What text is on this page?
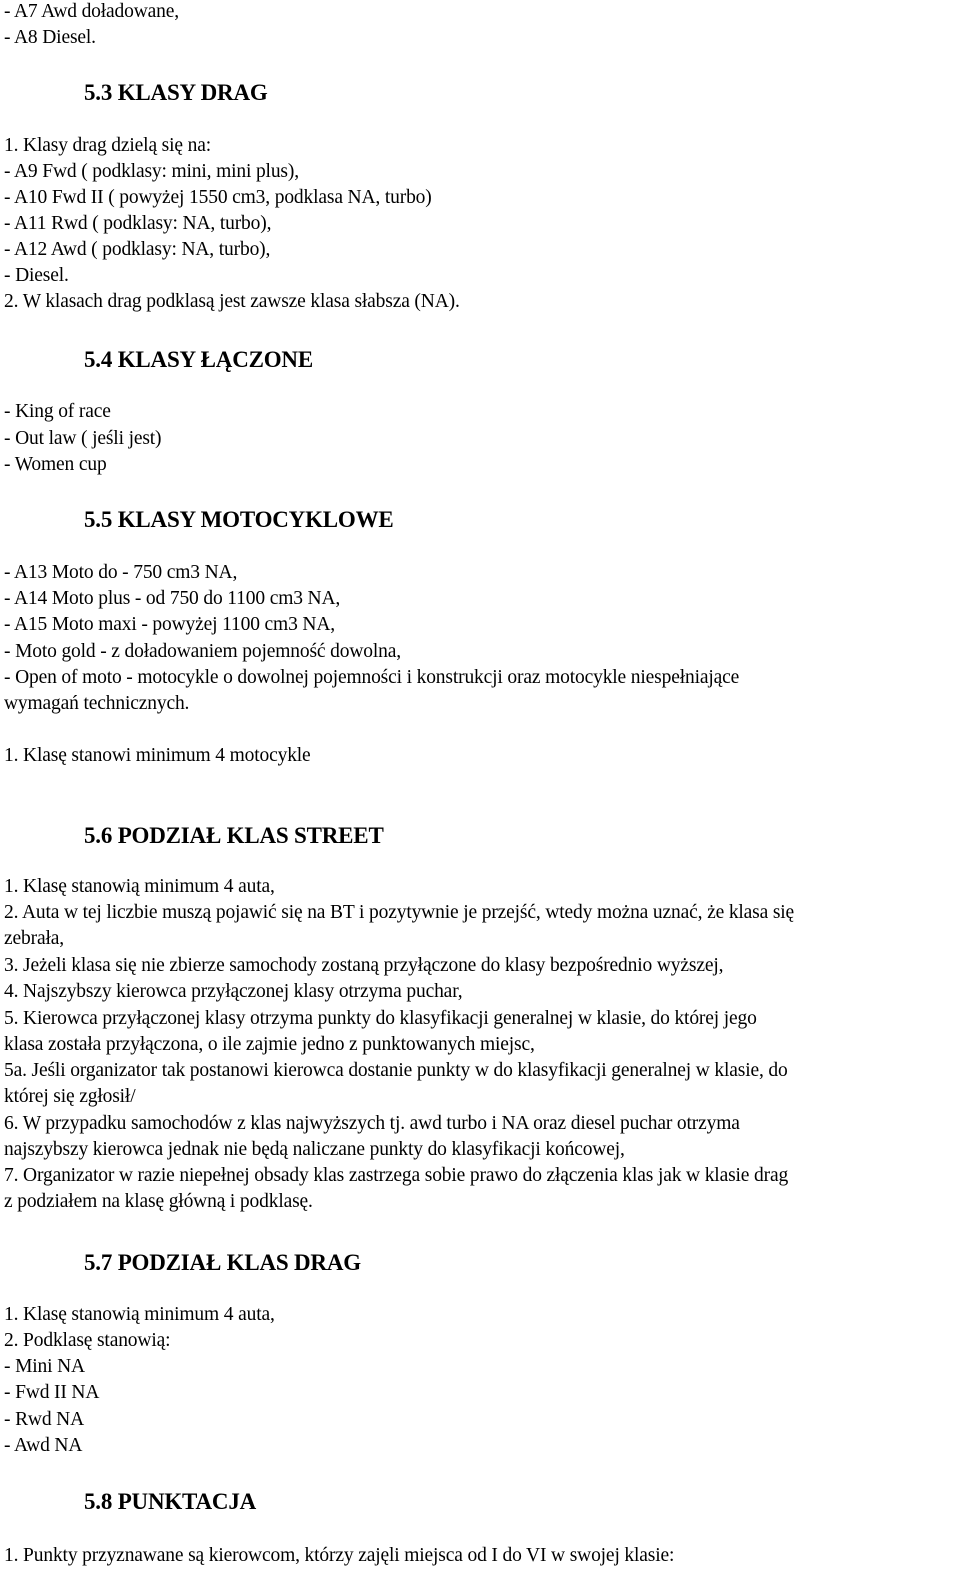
- A7 Awd doładowane,
- A8 Diesel.
5.3 KLASY DRAG
1. Klasy drag dzielą się na:
- A9 Fwd ( podklasy: mini, mini plus),
- A10 Fwd II ( powyżej 1550 cm3, podklasa NA, turbo)
- A11 Rwd ( podklasy: NA, turbo),
- A12 Awd ( podklasy: NA, turbo),
- Diesel.
2. W klasach drag podklasą jest zawsze klasa słabsza (NA).
5.4 KLASY ŁĄCZONE
- King of race
- Out law ( jeśli jest)
- Women cup
5.5 KLASY MOTOCYKLOWE
- A13 Moto do - 750 cm3 NA,
- A14 Moto plus - od 750 do 1100 cm3 NA,
- A15 Moto maxi - powyżej 1100 cm3 NA,
- Moto gold - z doładowaniem pojemność dowolna,
- Open of moto - motocykle o dowolnej pojemności i konstrukcji oraz motocykle niespełniające
wymagań technicznych.
1. Klasę stanowi minimum 4 motocykle
5.6 PODZIAŁ KLAS STREET
1. Klasę stanowią minimum 4 auta,
2. Auta w tej liczbie muszą pojawić się na BT i pozytywnie je przejść, wtedy można uznać, że klasa się
zebrała,
3. Jeżeli klasa się nie zbierze samochody zostaną przyłączone do klasy bezpośrednio wyższej,
4. Najszybszy kierowca przyłączonej klasy otrzyma puchar,
5. Kierowca przyłączonej klasy otrzyma punkty do klasyfikacji generalnej w klasie, do której jego
klasa została przyłączona, o ile zajmie jedno z punktowanych miejsc,
5a. Jeśli organizator tak postanowi kierowca dostanie punkty w do klasyfikacji generalnej w klasie, do
której się zgłosił/
6. W przypadku samochodów z klas najwyższych tj. awd turbo i NA oraz diesel puchar otrzyma
najszybszy kierowca jednak nie będą naliczane punkty do klasyfikacji końcowej,
7. Organizator w razie niepełnej obsady klas zastrzega sobie prawo do złączenia klas jak w klasie drag
z podziałem na klasę główną i podklasę.
5.7 PODZIAŁ KLAS DRAG
1. Klasę stanowią minimum 4 auta,
2. Podklasę stanowią:
- Mini NA
- Fwd II NA
- Rwd NA
- Awd NA
5.8 PUNKTACJA
1. Punkty przyznawane są kierowcom, którzy zajęli miejsca od I do VI w swojej klasie:
